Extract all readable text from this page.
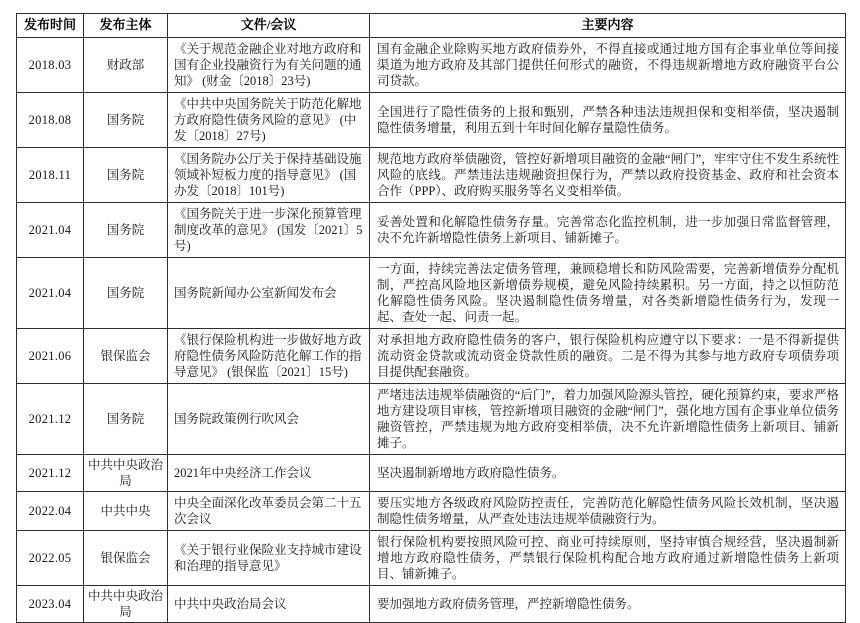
发布时间	发布主体	文件/会议	主要内容
2018.03	财政部	《关于规范金融企业对地方政府和国有企业投融资行为有关问题的通知》 (财金〔2018〕23号)	国有金融企业除购买地方政府债券外，不得直接或通过地方国有企事业单位等间接渠道为地方政府及其部门提供任何形式的融资，不得违规新增地方政府融资平台公司贷款。
2018.08	国务院	《中共中央国务院关于防范化解地方政府隐性债务风险的意见》 (中发〔2018〕27号)	全国进行了隐性债务的上报和甄别，严禁各种违法违规担保和变相举债，坚决遏制隐性债务增量，利用五到十年时间化解存量隐性债务。
2018.11	国务院	《国务院办公厅关于保持基础设施领域补短板力度的指导意见》 (国办发〔2018〕101号)	规范地方政府举债融资，管控好新增项目融资的金融“闸门”，牢牢守住不发生系统性风险的底线。严禁违法违规融资担保行为，严禁以政府投资基金、政府和社会资本合作（PPP）、政府购买服务等名义变相举债。
2021.04	国务院	《国务院关于进一步深化预算管理制度改革的意见》 (国发〔2021〕5号)	妥善处置和化解隐性债务存量。完善常态化监控机制，进一步加强日常监督管理，决不允许新增隐性债务上新项目、铺新摊子。
2021.04	国务院	国务院新闻办公室新闻发布会	一方面，持续完善法定债务管理，兼顾稳增长和防风险需要，完善新增债券分配机制，严控高风险地区新增债券规模，避免风险持续累积。另一方面，持之以恒防范化解隐性债务风险。坚决遏制隐性债务增量，对各类新增隐性债务行为，发现一起、查处一起、问责一起。
2021.06	银保监会	《银行保险机构进一步做好地方政府隐性债务风险防范化解工作的指导意见》 (银保监〔2021〕15号)	对承担地方政府隐性债务的客户，银行保险机构应遵守以下要求：一是不得新提供流动资金贷款或流动资金贷款性质的融资。二是不得为其参与地方政府专项债券项目提供配套融资。
2021.12	国务院	国务院政策例行吹风会	严堵违法违规举债融资的“后门”，着力加强风险源头管控，硬化预算约束，要求严格地方建设项目审核，管控新增项目融资的金融“闸门”，强化地方国有企事业单位债务融资管控，严禁违规为地方政府变相举债，决不允许新增隐性债务上新项目、铺新摊子。
2021.12	中共中央政治局	2021年中央经济工作会议	坚决遏制新增地方政府隐性债务。
2022.04	中共中央	中央全面深化改革委员会第二十五次会议	要压实地方各级政府风险防控责任，完善防范化解隐性债务风险长效机制，坚决遏制隐性债务增量，从严查处违法违规举债融资行为。
2022.05	银保监会	《关于银行业保险业支持城市建设和治理的指导意见》	银行保险机构要按照风险可控、商业可持续原则，坚持审慎合规经营，坚决遏制新增地方政府隐性债务，严禁银行保险机构配合地方政府通过新增隐性债务上新项目、铺新摊子。
2023.04	中共中央政治局	中共中央政治局会议	要加强地方政府债务管理，严控新增隐性债务。
